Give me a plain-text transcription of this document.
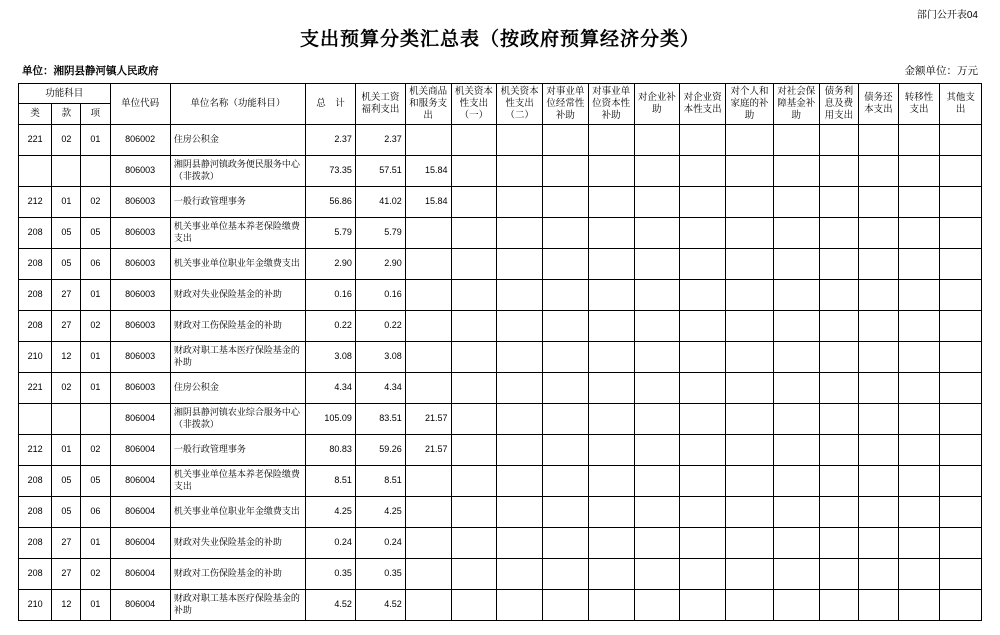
部门公开表04
支出预算分类汇总表（按政府预算经济分类）
单位：湘阴县静河镇人民政府	金额单位：万元
功能科目			单位代码	单位名称（功能科目）	总　计	机关工资福利支出	机关商品和服务支出	机关资本性支出（一）	机关资本性支出（二）	对事业单位经常性补助	对事业单位资本性补助	对企业补助	对企业资本性支出	对个人和家庭的补助	对社会保障基金补助	债务利息及费用支出	债务还本支出	转移性支出	其他支出
类	款	项																	
221	02	01	806002	住房公积金	2.37	2.37													
			806003	湘阴县静河镇政务便民服务中心（非拨款）	73.35	57.51	15.84												
212	01	02	806003	一般行政管理事务	56.86	41.02	15.84												
208	05	05	806003	机关事业单位基本养老保险缴费支出	5.79	5.79													
208	05	06	806003	机关事业单位职业年金缴费支出	2.90	2.90													
208	27	01	806003	财政对失业保险基金的补助	0.16	0.16													
208	27	02	806003	财政对工伤保险基金的补助	0.22	0.22													
210	12	01	806003	财政对职工基本医疗保险基金的补助	3.08	3.08													
221	02	01	806003	住房公积金	4.34	4.34													
			806004	湘阴县静河镇农业综合服务中心（非拨款）	105.09	83.51	21.57												
212	01	02	806004	一般行政管理事务	80.83	59.26	21.57												
208	05	05	806004	机关事业单位基本养老保险缴费支出	8.51	8.51													
208	05	06	806004	机关事业单位职业年金缴费支出	4.25	4.25													
208	27	01	806004	财政对失业保险基金的补助	0.24	0.24													
208	27	02	806004	财政对工伤保险基金的补助	0.35	0.35													
210	12	01	806004	财政对职工基本医疗保险基金的补助	4.52	4.52													
